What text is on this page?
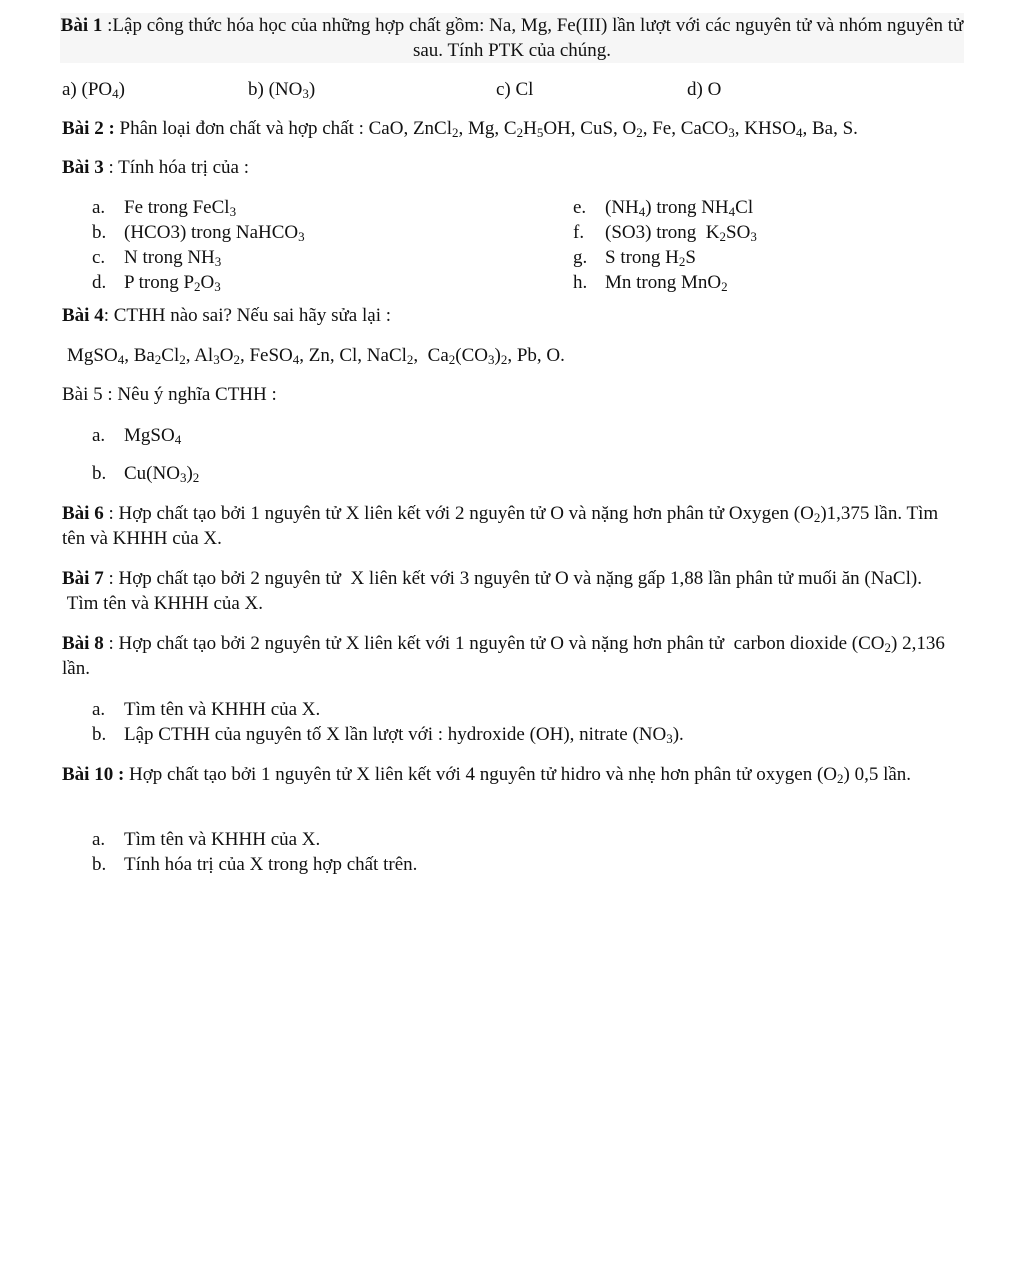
Bài 1 :Lập công thức hóa học của những hợp chất gồm: Na, Mg, Fe(III) lần lượt với các nguyên tử và nhóm nguyên tử sau. Tính PTK của chúng.
a) $(PO_4)$	b) $(NO_3)$	c) Cl	d) O
Bài 2 : Phân loại đơn chất và hợp chất : CaO, ZnCl$_2$, Mg, $C_2H_5OH$, CuS, $O_2$, Fe, CaCO$_3$, $KHSO_4$, Ba, S.
Bài 3 : Tính hóa trị của :
a. Fe trong FeCl$_3$
b. (HCO3) trong NaHCO$_3$
c. N trong $NH_3$
d. P trong $P_2O_3$
e. $(NH_4)$ trong $NH_4Cl$
f. (SO3) trong  $K_2SO_3$
g. S trong $H_2S$
h. Mn trong MnO$_2$
Bài 4: CTHH nào sai? Nếu sai hãy sửa lại :
MgSO$_4$, $Ba_2Cl_2$, $Al_3O_2$, FeSO$_4$, Zn, Cl, NaCl$_2$,  $Ca_2(CO_3)_2$, Pb, O.
Bài 5 : Nêu ý nghĩa CTHH :
a. MgSO$_4$
b. $Cu(NO_3)_2$
Bài 6 : Hợp chất tạo bởi 1 nguyên tử X liên kết với 2 nguyên tử O và nặng hơn phân tử Oxygen $(O_2)1,375$ lần. Tìm tên và KHHH của X.
Bài 7 : Hợp chất tạo bởi 2 nguyên tử  X liên kết với 3 nguyên tử O và nặng gấp 1,88 lần phân tử muối ăn (NaCl).  Tìm tên và KHHH của X.
Bài 8 : Hợp chất tạo bởi 2 nguyên tử X liên kết với 1 nguyên tử O và nặng hơn phân tử  carbon dioxide $(CO_2)$ 2,136 lần.
a. Tìm tên và KHHH của X.
b. Lập CTHH của nguyên tố X lần lượt với : hydroxide (OH), nitrate $(NO_3)$.
Bài 10 : Hợp chất tạo bởi 1 nguyên tử X liên kết với 4 nguyên tử hidro và nhẹ hơn phân tử oxygen $(O_2)$ 0,5 lần.
a. Tìm tên và KHHH của X.
b. Tính hóa trị của X trong hợp chất trên.
